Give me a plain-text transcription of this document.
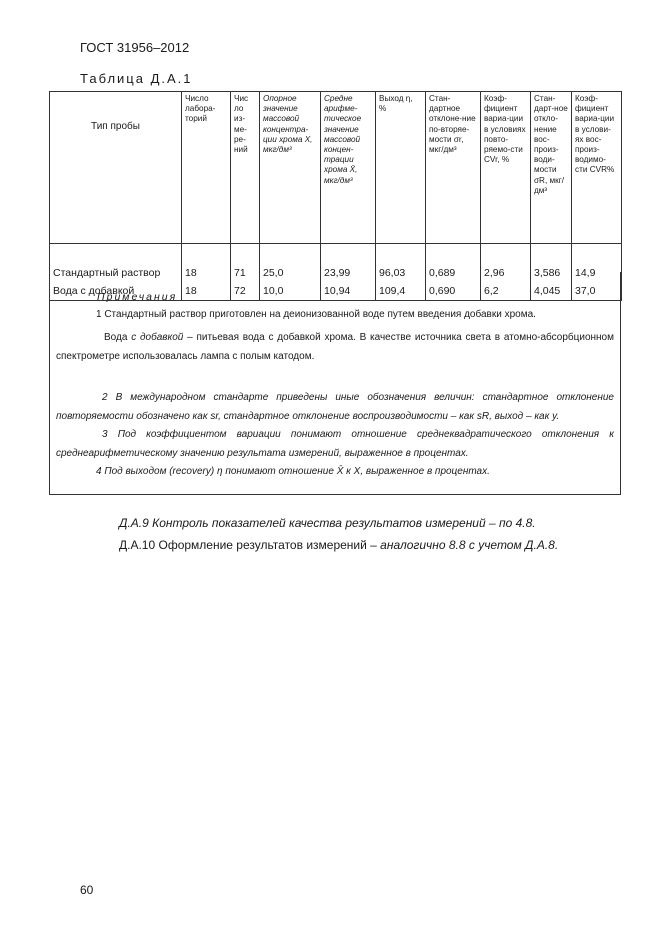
ГОСТ 31956–2012
Таблица Д.А.1
Тип пробы	Число лабора-торий	Чис ло из-ме-ре-ний	Опорное значение массовой концентра-ции хрома X, мкг/дм³	Средне арифме-тическое значение массовой концен-трации хрома X̄, мкг/дм³	Выход η, %	Стан-дартное отклоне-ние по-вторяе-мости σr, мкг/дм³	Коэф-фициент вариа-ции в условиях повто-ряемо-сти CVr, %	Стан-дарт-ное откло-нение вос-произ-води-мости σR, мкг/дм³	Коэф-фициент вариа-ции в услови-ях вос-произ-водимо-сти CVR%

Стандартный раствор	18	71	25,0	23,99	96,03	0,689	2,96	3,586	14,9
Вода с добавкой	18	72	10,0	10,94	109,4	0,690	6,2	4,045	37,0
Примечания
1 Стандартный раствор приготовлен на деионизованной воде путем введения добавки хрома.
Вода с добавкой – питьевая вода с добавкой хрома. В качестве источника света в атомно-абсорбционном спектрометре использовалась лампа с полым катодом.
2 В международном стандарте приведены иные обозначения величин: стандартное отклонение повторяемости обозначено как sr, стандартное отклонение воспроизводимости – как sR, выход – как y.
3 Под коэффициентом вариации понимают отношение среднеквадратического отклонения к среднеарифметическому значению результата измерений, выраженное в процентах.
4 Под выходом (recovery) η понимают отношение X̄ к X, выраженное в процентах.
Д.А.9 Контроль показателей качества результатов измерений – по 4.8.
Д.А.10 Оформление результатов измерений – аналогично 8.8 с учетом Д.А.8.
60
